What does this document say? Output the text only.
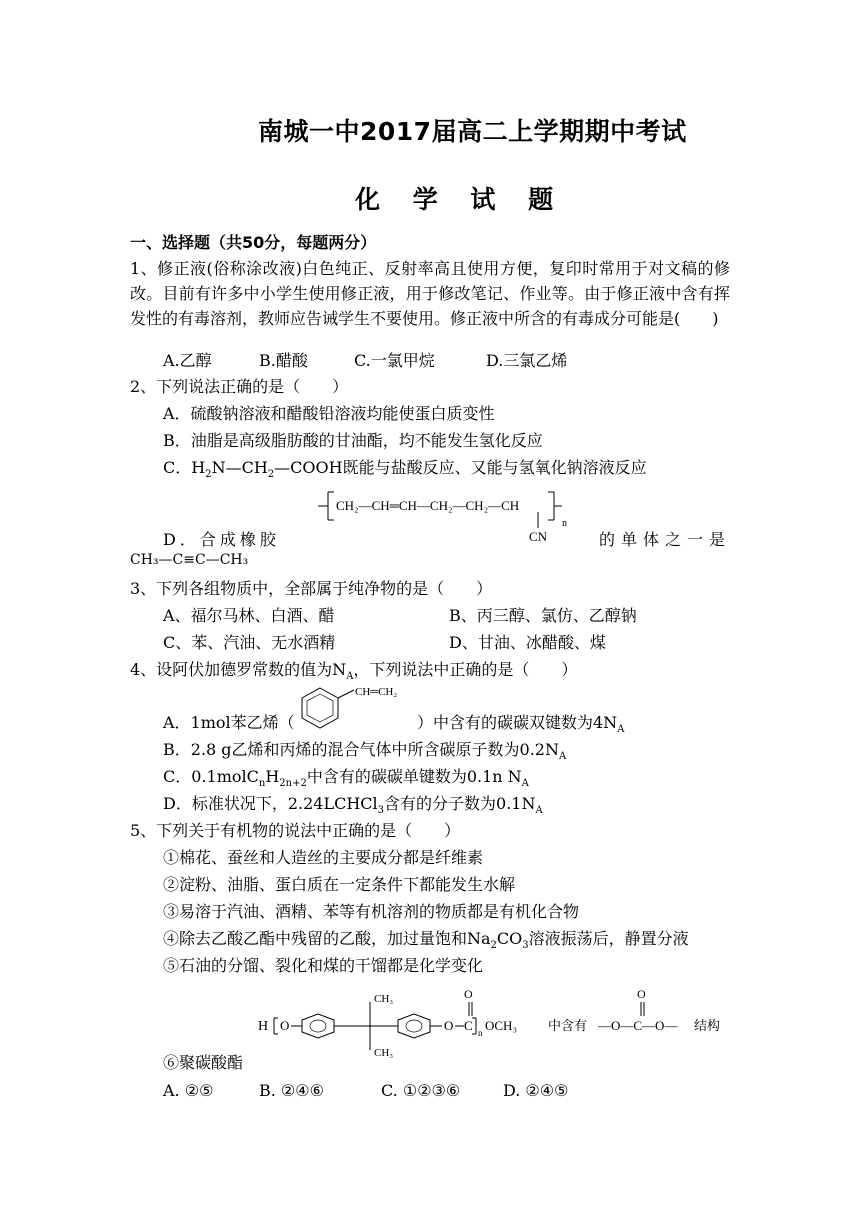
南城一中2017届高二上学期期中考试
化 学 试 题
一、选择题（共50分，每题两分）
1、修正液(俗称涂改液)白色纯正、反射率高且使用方便，复印时常用于对文稿的修改。目前有许多中小学生使用修正液，用于修改笔记、作业等。由于修正液中含有挥发性的有毒溶剂，教师应告诫学生不要使用。修正液中所含的有毒成分可能是(　　)
A.乙醇	B.醋酸	C.一氯甲烷	D.三氯乙烯
2、下列说法正确的是（　　）
A．硫酸钠溶液和醋酸铅溶液均能使蛋白质变性
B．油脂是高级脂肪酸的甘油酯，均不能发生氢化反应
C．$H_2N—CH_2—COOH$既能与盐酸反应、又能与氢氧化钠溶液反应
CH₂—CH═CH—CH₂—CH₂—CH
CN
n
D．合成橡胶	的单体之一是
CH₃—C≡C—CH₃
3、下列各组物质中，全部属于纯净物的是（　　）
A、福尔马林、白酒、醋	B、丙三醇、氯仿、乙醇钠
C、苯、汽油、无水酒精	D、甘油、冰醋酸、煤
4、设阿伏加德罗常数的值为$N_A$，下列说法中正确的是（　　）
CH═CH₂
A．1mol苯乙烯（	）中含有的碳碳双键数为$4N_A$
B．2.8 g乙烯和丙烯的混合气体中所含碳原子数为$0.2N_A$
C．$0.1molC_nH_{2n+2}$中含有的碳碳单键数为0.1n $N_A$
D．标准状况下，2.24LCHCl$_3$含有的分子数为$0.1N_A$
5、下列关于有机物的说法中正确的是（　　）
①棉花、蚕丝和人造丝的主要成分都是纤维素
②淀粉、油脂、蛋白质在一定条件下都能发生水解
③易溶于汽油、酒精、苯等有机溶剂的物质都是有机化合物
④除去乙酸乙酯中残留的乙酸，加过量饱和$Na_2CO_3$溶液振荡后，静置分液
⑤石油的分馏、裂化和煤的干馏都是化学变化
H O
CH₃
CH₃
O C
O
n OCH₃ 中含有 —O—C—O—
O
结构
⑥聚碳酸酯
A. ②⑤	B. ②④⑥	C. ①②③⑥	D. ②④⑤
